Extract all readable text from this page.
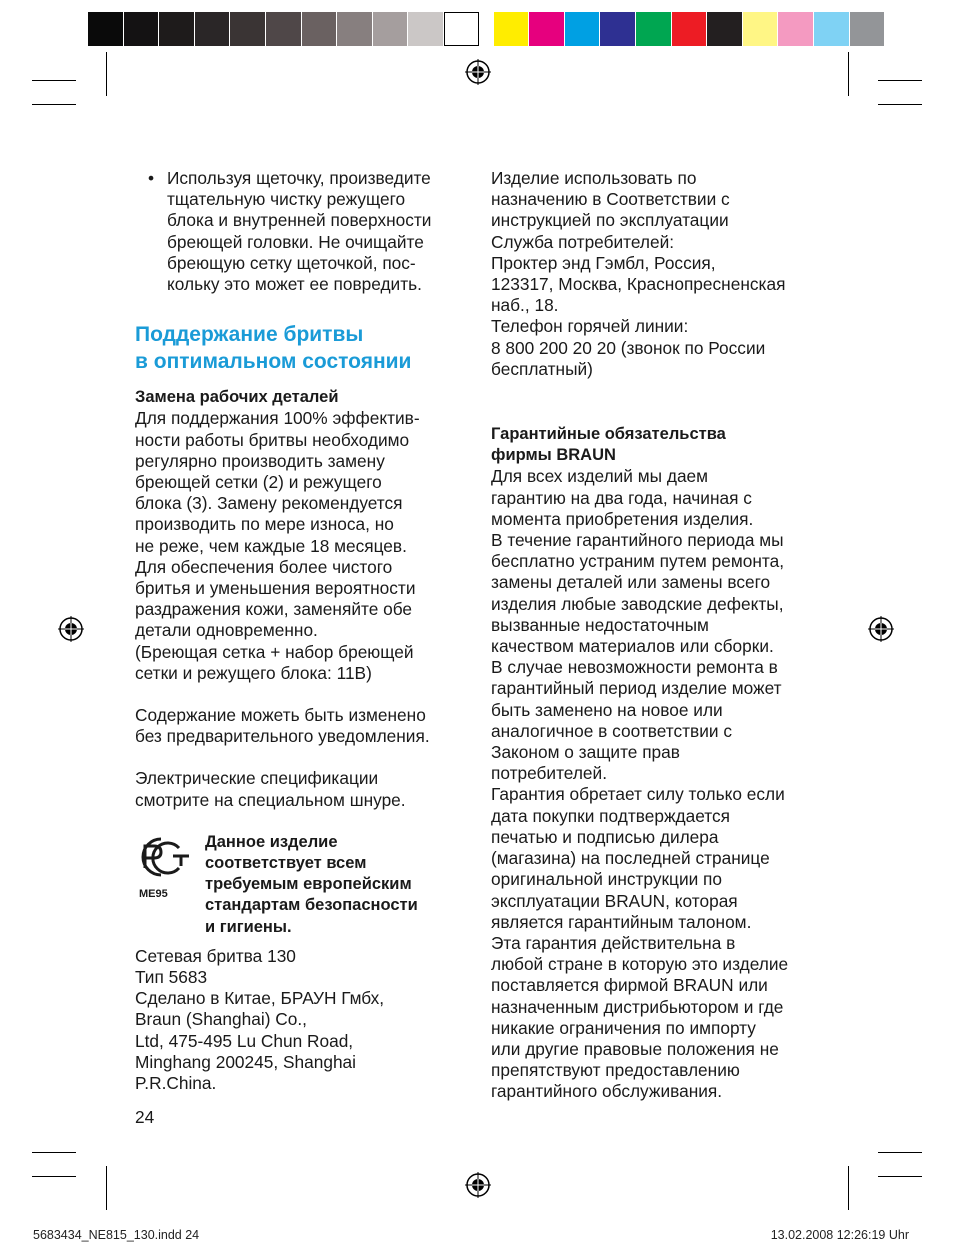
• Используя щеточку, произведите
тщательную чистку режущего
блока и внутренней поверхности
бреющей головки. Не очищайте
бреющую сетку щеточкой, пос-
кольку это может ее повредить.

Поддержание бритвы
в оптимальном состоянии

Замена рабочих деталей

Для поддержания 100% эффектив-
ности работы бритвы необходимо
регулярно производить замену
бреющей сетки (2) и режущего
блока (3). Замену рекомендуется
производить по мере износа, но
не реже, чем каждые 18 месяцев.
Для обеспечения более чистого
бритья и уменьшения вероятности
раздражения кожи, заменяйте обе
детали одновременно.
(Бреющая сетка + набор бреющей
сетки и режущего блока: 11В)

Содержание можеть быть изменено
без предварительного уведомления.

Электрические спецификации
смотрите на специальном шнуре.

ME95

Данное изделие
соответствует всем
требуемым европейским
стандартам безопасности
и гигиены.

Сетевая бритва 130
Тип 5683
Сделано в Китае, БРАУН Гмбх,
Braun (Shanghai) Co.,
Ltd, 475-495 Lu Chun Road,
Minghang 200245, Shanghai
P.R.China.

Изделие использовать по
назначению в Соответствии с
инструкцией по эксплуатации
Служба потребителей:
Проктер энд Гэмбл, Россия,
123317, Москва, Краснопресненская
наб., 18.
Телефон горячей линии:
8 800 200 20 20 (звонок по России
бесплатный)

Гарантийные обязательства
фирмы BRAUN

Для всех изделий мы даем
гарантию на два года, начиная с
момента приобретения изделия.
В течение гарантийного периода мы
бесплатно устраним путем ремонта,
замены деталей или замены всего
изделия любые заводские дефекты,
вызванные недостаточным
качеством материалов или сборки.
В случае невозможности ремонта в
гарантийный период изделие может
быть заменено на новое или
аналогичное в соответствии с
Законом о защите прав
потребителей.
Гарантия обретает силу только если
дата покупки подтверждается
печатью и подписью дилера
(магазина) на последней странице
оригинальной инструкции по
эксплуатации BRAUN, которая
является гарантийным талоном.
Эта гарантия действительна в
любой стране в которую это изделие
поставляется фирмой BRAUN или
назначенным дистрибьютором и где
никакие ограничения по импорту
или другие правовые положения не
препятствуют предоставлению
гарантийного обслуживания.

24
5683434_NE815_130.indd 24	13.02.2008 12:26:19 Uhr
